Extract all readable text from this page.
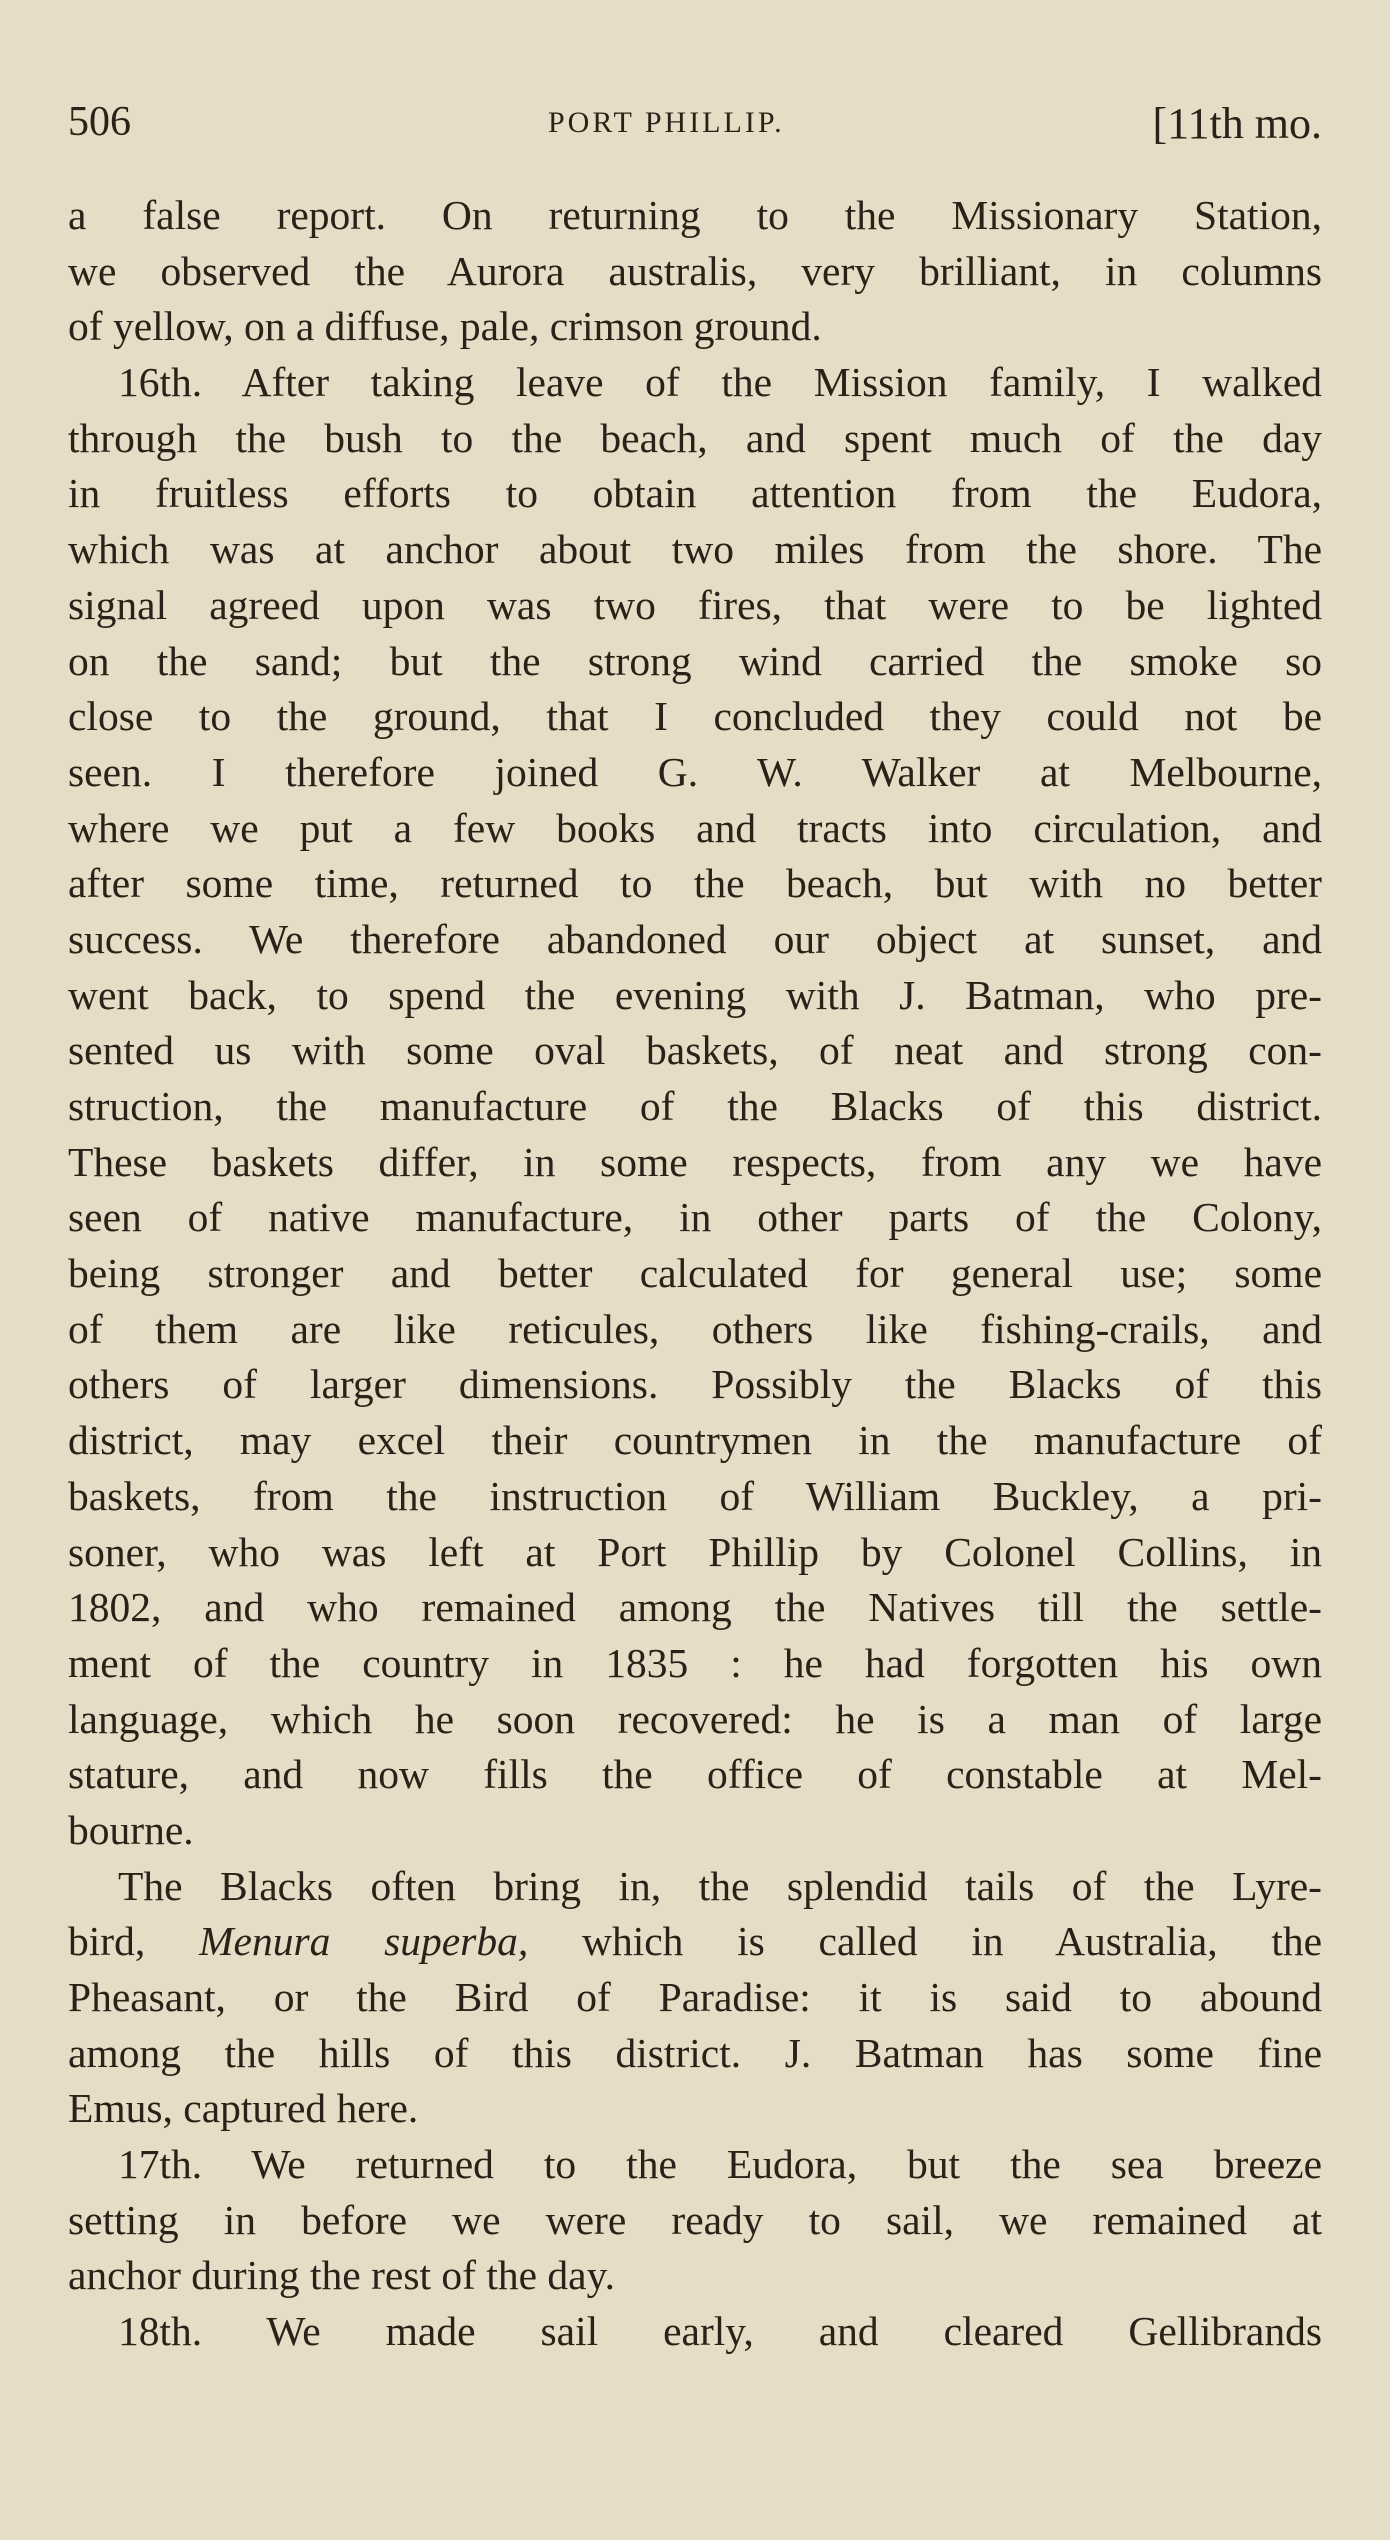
506	PORT PHILLIP.	[11th mo.
a false report. On returning to the Missionary Station,
we observed the Aurora australis, very brilliant, in columns
of yellow, on a diffuse, pale, crimson ground.
16th. After taking leave of the Mission family, I walked
through the bush to the beach, and spent much of the day
in fruitless efforts to obtain attention from the Eudora,
which was at anchor about two miles from the shore. The
signal agreed upon was two fires, that were to be lighted
on the sand; but the strong wind carried the smoke so
close to the ground, that I concluded they could not be
seen. I therefore joined G. W. Walker at Melbourne,
where we put a few books and tracts into circulation, and
after some time, returned to the beach, but with no better
success. We therefore abandoned our object at sunset, and
went back, to spend the evening with J. Batman, who pre-
sented us with some oval baskets, of neat and strong con-
struction, the manufacture of the Blacks of this district.
These baskets differ, in some respects, from any we have
seen of native manufacture, in other parts of the Colony,
being stronger and better calculated for general use; some
of them are like reticules, others like fishing-crails, and
others of larger dimensions. Possibly the Blacks of this
district, may excel their countrymen in the manufacture of
baskets, from the instruction of William Buckley, a pri-
soner, who was left at Port Phillip by Colonel Collins, in
1802, and who remained among the Natives till the settle-
ment of the country in 1835 : he had forgotten his own
language, which he soon recovered: he is a man of large
stature, and now fills the office of constable at Mel-
bourne.
The Blacks often bring in, the splendid tails of the Lyre-
bird, Menura superba, which is called in Australia, the
Pheasant, or the Bird of Paradise: it is said to abound
among the hills of this district. J. Batman has some fine
Emus, captured here.
17th. We returned to the Eudora, but the sea breeze
setting in before we were ready to sail, we remained at
anchor during the rest of the day.
18th. We made sail early, and cleared Gellibrands
